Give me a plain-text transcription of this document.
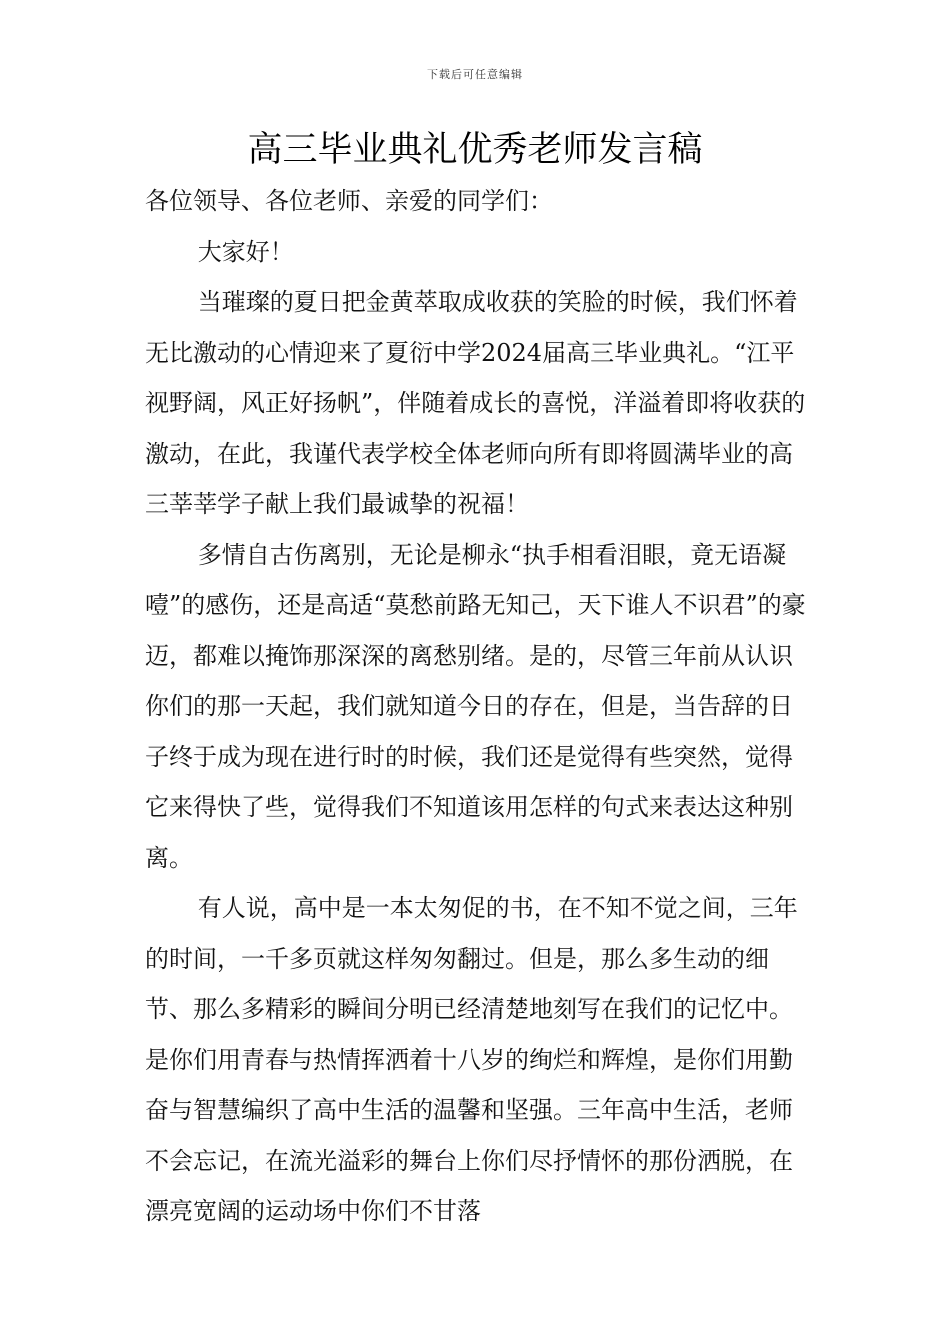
下载后可任意编辑
高三毕业典礼优秀老师发言稿

各位领导、各位老师、亲爱的同学们：

大家好！

当璀璨的夏日把金黄萃取成收获的笑脸的时候，我们怀着无比激动的心情迎来了夏衍中学2024届高三毕业典礼。“江平视野阔，风正好扬帆”，伴随着成长的喜悦，洋溢着即将收获的激动，在此，我谨代表学校全体老师向所有即将圆满毕业的高三莘莘学子献上我们最诚挚的祝福！

多情自古伤离别，无论是柳永“执手相看泪眼，竟无语凝噎”的感伤，还是高适“莫愁前路无知己，天下谁人不识君”的豪迈，都难以掩饰那深深的离愁别绪。是的，尽管三年前从认识你们的那一天起，我们就知道今日的存在，但是，当告辞的日子终于成为现在进行时的时候，我们还是觉得有些突然，觉得它来得快了些，觉得我们不知道该用怎样的句式来表达这种别离。

有人说，高中是一本太匆促的书，在不知不觉之间，三年的时间，一千多页就这样匆匆翻过。但是，那么多生动的细节、那么多精彩的瞬间分明已经清楚地刻写在我们的记忆中。是你们用青春与热情挥洒着十八岁的绚烂和辉煌，是你们用勤奋与智慧编织了高中生活的温馨和坚强。三年高中生活，老师不会忘记，在流光溢彩的舞台上你们尽抒情怀的那份洒脱，在漂亮宽阔的运动场中你们不甘落
